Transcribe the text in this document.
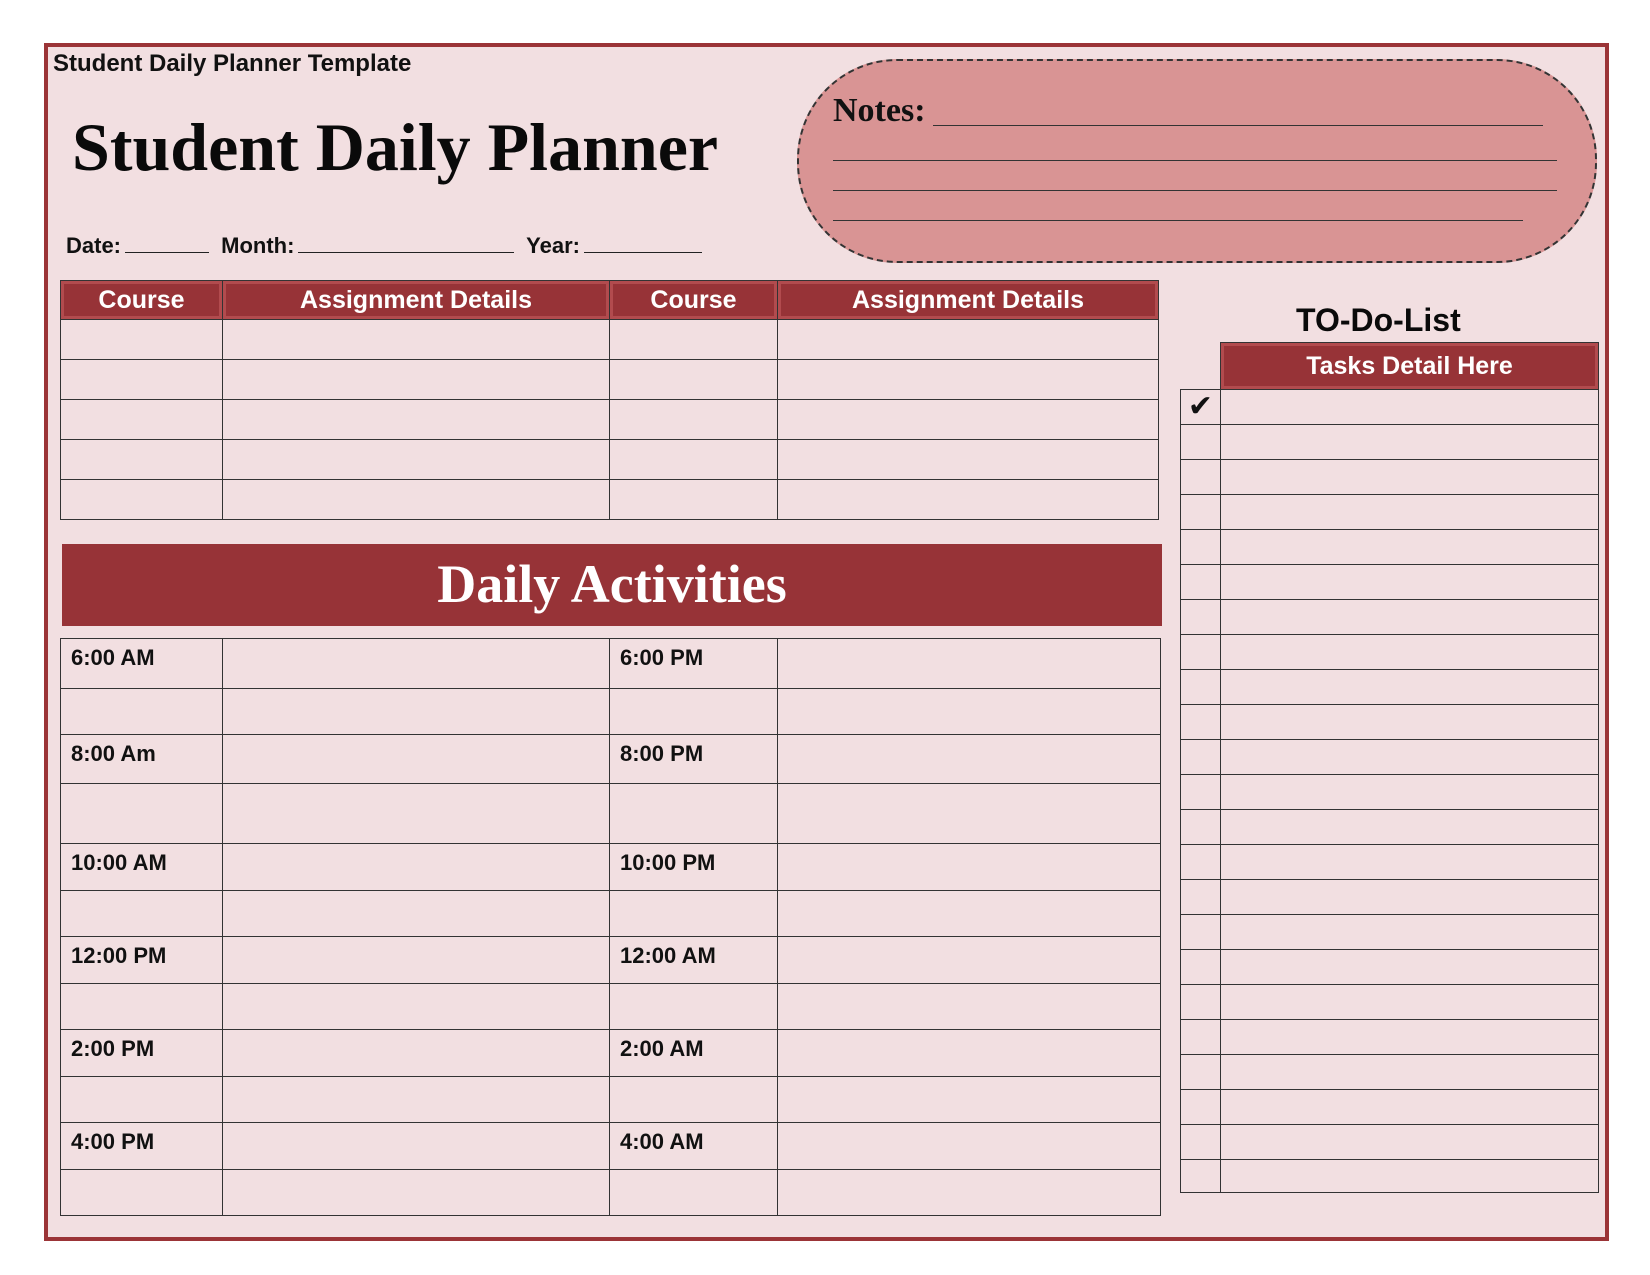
Student Daily Planner Template
Student Daily Planner
Date:	Month:	Year:
Notes:
Course	Assignment Details	Course	Assignment Details

Daily Activities
6:00 AM		6:00 PM	

8:00 Am		8:00 PM	

10:00 AM		10:00 PM	

12:00 PM		12:00 AM	

2:00 PM		2:00 AM	

4:00 PM		4:00 AM	

TO-Do-List
	Tasks Detail Here

✔	
